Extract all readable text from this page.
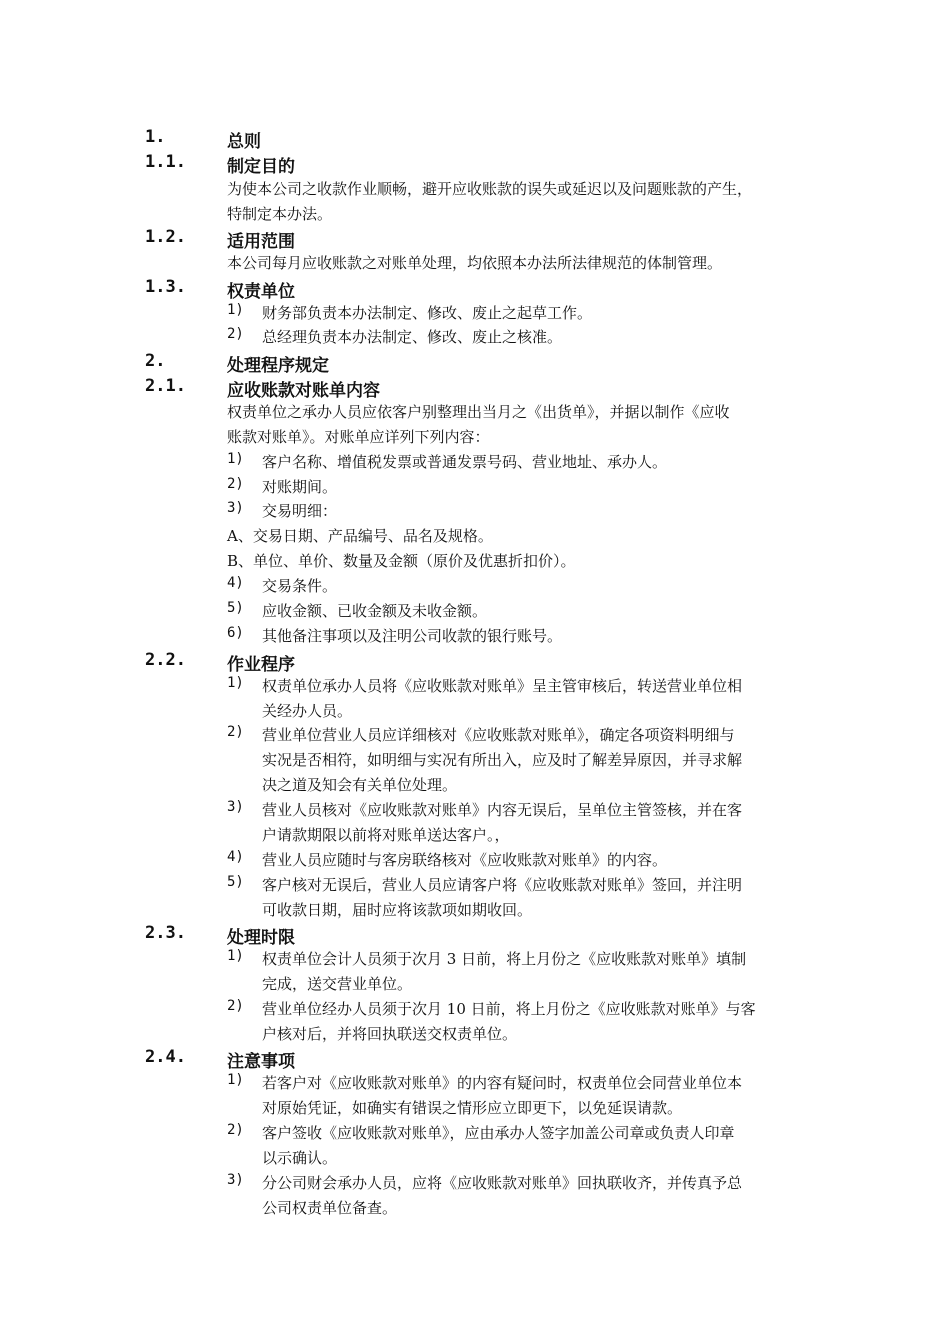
1.	总则
1.1. 制定目的
为使本公司之收款作业顺畅，避开应收账款的误失或延迟以及问题账款的产生，
特制定本办法。
1.2. 适用范围
本公司每月应收账款之对账单处理，均依照本办法所法律规范的体制管理。
1.3. 权责单位
1) 财务部负责本办法制定、修改、废止之起草工作。
2) 总经理负责本办法制定、修改、废止之核准。
2.	处理程序规定
2.1. 应收账款对账单内容
权责单位之承办人员应依客户别整理出当月之《出货单》，并据以制作《应收
账款对账单》。对账单应详列下列内容：
1) 客户名称、增值税发票或普通发票号码、营业地址、承办人。
2) 对账期间。
3) 交易明细：
A、交易日期、产品编号、品名及规格。
B、单位、单价、数量及金额（原价及优惠折扣价）。
4) 交易条件。
5) 应收金额、已收金额及未收金额。
6) 其他备注事项以及注明公司收款的银行账号。
2.2. 作业程序
1) 权责单位承办人员将《应收账款对账单》呈主管审核后，转送营业单位相
关经办人员。
2) 营业单位营业人员应详细核对《应收账款对账单》，确定各项资料明细与
实况是否相符，如明细与实况有所出入，应及时了解差异原因，并寻求解
决之道及知会有关单位处理。
3) 营业人员核对《应收账款对账单》内容无误后，呈单位主管签核，并在客
户请款期限以前将对账单送达客户。，
4) 营业人员应随时与客房联络核对《应收账款对账单》的内容。
5) 客户核对无误后，营业人员应请客户将《应收账款对账单》签回，并注明
可收款日期，届时应将该款项如期收回。
2.3. 处理时限
1) 权责单位会计人员须于次月 3 日前，将上月份之《应收账款对账单》填制
完成，送交营业单位。
2) 营业单位经办人员须于次月 10 日前，将上月份之《应收账款对账单》与客
户核对后，并将回执联送交权责单位。
2.4. 注意事项
1) 若客户对《应收账款对账单》的内容有疑问时，权责单位会同营业单位本
对原始凭证，如确实有错误之情形应立即更下，以免延误请款。
2) 客户签收《应收账款对账单》，应由承办人签字加盖公司章或负责人印章
以示确认。
3) 分公司财会承办人员，应将《应收账款对账单》回执联收齐，并传真予总
公司权责单位备查。
